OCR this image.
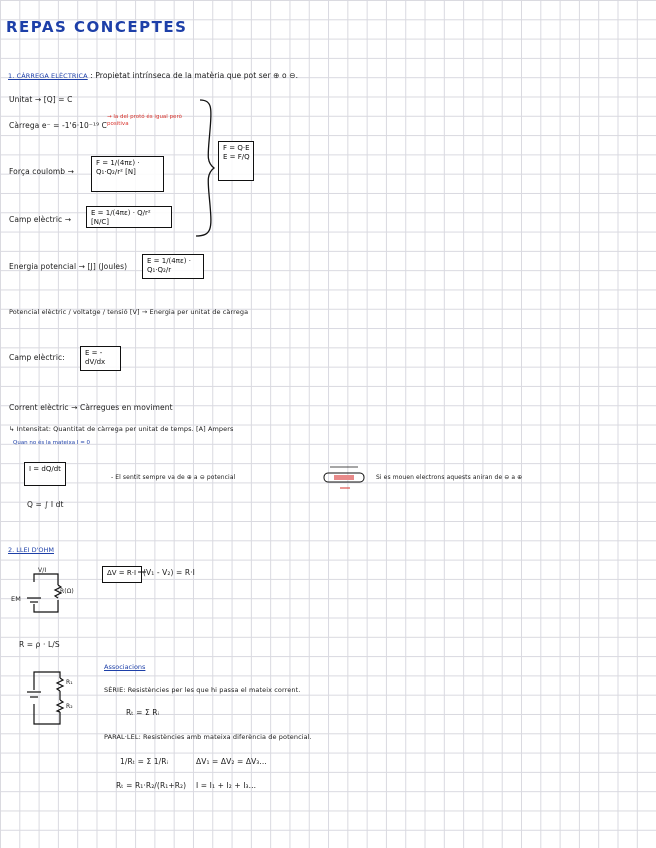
REPAS CONCEPTES
1. CÀRREGA ELÈCTRICA : Propietat intrínseca de la matèria que pot ser ⊕ o ⊖.
Unitat → [Q] = C
Càrrega e⁻ = -1'6·10⁻¹⁹ C
→ la del protó és igual però positiva
Força coulomb →
F = 1/(4πε) · Q₁·Q₂/r² [N]
Camp elèctric →
E = 1/(4πε) · Q/r² [N/C]
F = Q·E
E = F/Q
Energia potencial → [J] (Joules)
E = 1/(4πε) · Q₁·Q₂/r
Potencial elèctric / voltatge / tensió [V] → Energia per unitat de càrrega
Camp elèctric:	E = -dV/dx
Corrent elèctric → Càrregues en moviment
↳ Intensitat: Quantitat de càrrega per unitat de temps. [A] Ampers
Quan no és la mateixa I = 0
I = dQ/dt
Q = ∫ I dt
- El sentit sempre va de ⊕ a ⊖ potencial	Si es mouen electrons aquests aniran de ⊖ a ⊕
2. LLEI D'OHM
EM
V/I
R(Ω)
ΔV = R·I (V₁ - V₂) = R·I
R = ρ · L/S
R₁
R₂
Associacions
SÈRIE: Resistències per les que hi passa el mateix corrent.
Rₜ = Σ Rᵢ
PARAL·LEL: Resistències amb mateixa diferència de potencial.
1/Rₜ = Σ 1/Rᵢ	ΔV₁ = ΔV₂ = ΔV₃...
Rₜ = R₁·R₂/(R₁+R₂) I = I₁ + I₂ + I₃...
